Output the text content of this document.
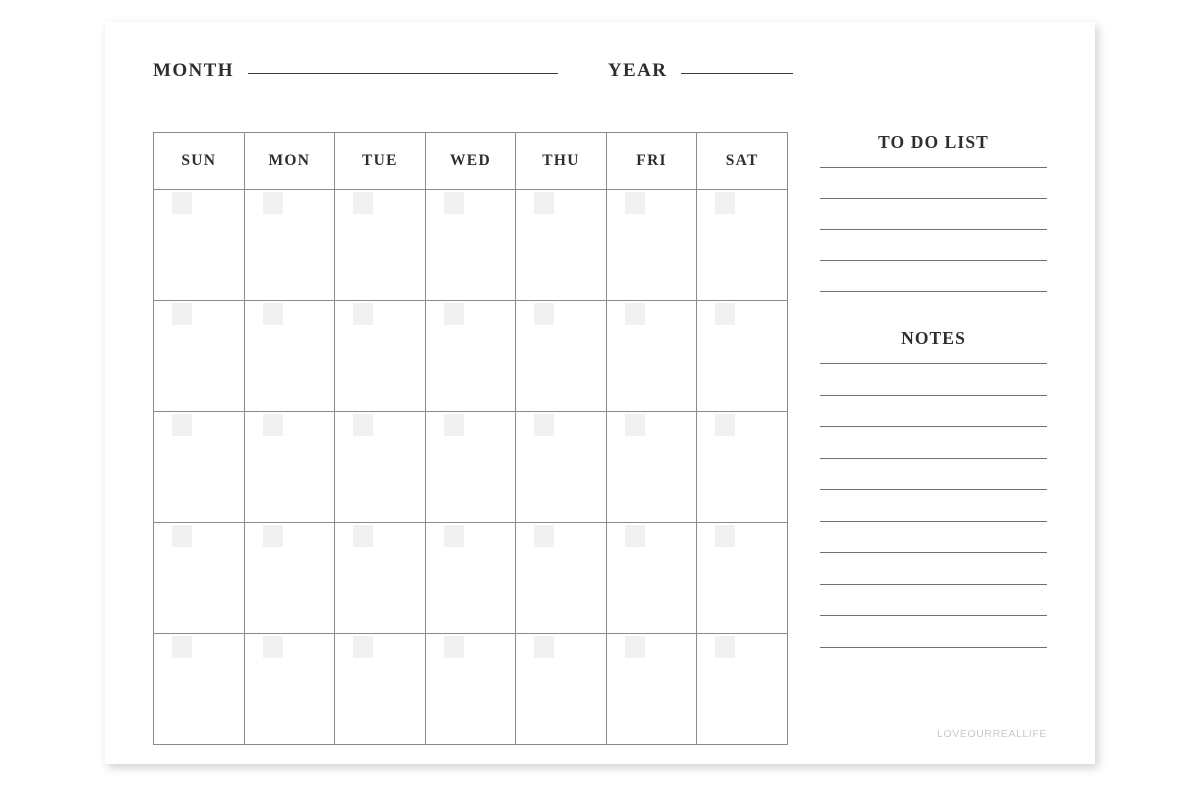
MONTH	YEAR
SUN	MON	TUE	WED	THU	FRI	SAT

TO DO LIST
NOTES
LOVEOURREALLIFE
